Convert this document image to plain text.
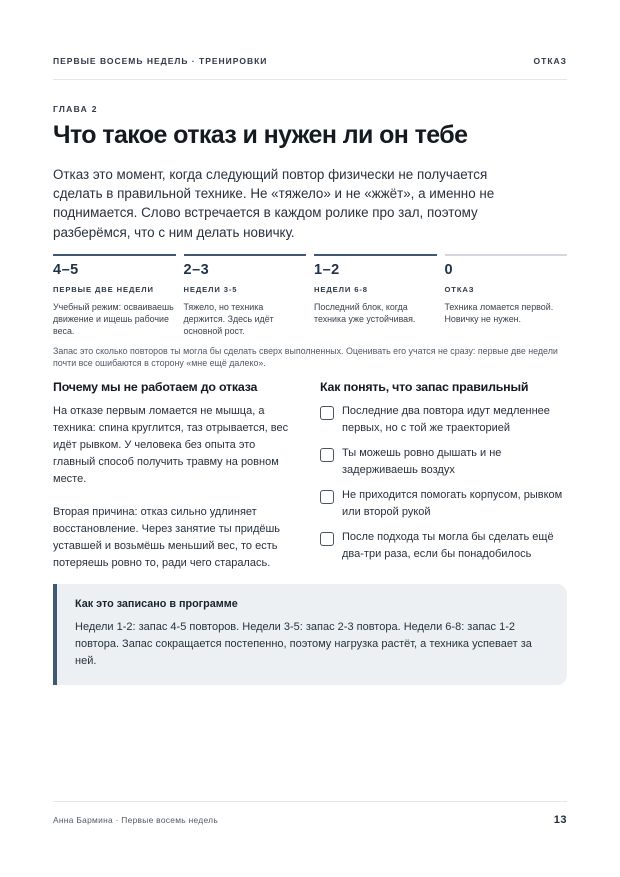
ПЕРВЫЕ ВОСЕМЬ НЕДЕЛЬ · ТРЕНИРОВКИ	ОТКАЗ
ГЛАВА 2
Что такое отказ и нужен ли он тебе

Отказ это момент, когда следующий повтор физически не получается сделать в правильной технике. Не «тяжело» и не «жжёт», а именно не поднимается. Слово встречается в каждом ролике про зал, поэтому разберёмся, что с ним делать новичку.

4–5
ПЕРВЫЕ ДВЕ НЕДЕЛИ
Учебный режим: осваиваешь движение и ищешь рабочие веса.
2–3
НЕДЕЛИ 3-5
Тяжело, но техника держится. Здесь идёт основной рост.
1–2
НЕДЕЛИ 6-8
Последний блок, когда техника уже устойчивая.
0
ОТКАЗ
Техника ломается первой. Новичку не нужен.

Запас это сколько повторов ты могла бы сделать сверх выполненных. Оценивать его учатся не сразу: первые две недели почти все ошибаются в сторону «мне ещё далеко».

Почему мы не работаем до отказа

На отказе первым ломается не мышца, а техника: спина круглится, таз отрывается, вес идёт рывком. У человека без опыта это главный способ получить травму на ровном месте.

Вторая причина: отказ сильно удлиняет восстановление. Через занятие ты придёшь уставшей и возьмёшь меньший вес, то есть потеряешь ровно то, ради чего старалась.

Как понять, что запас правильный
Последние два повтора идут медленнее первых, но с той же траекторией
Ты можешь ровно дышать и не задерживаешь воздух
Не приходится помогать корпусом, рывком или второй рукой
После подхода ты могла бы сделать ещё два-три раза, если бы понадобилось
Как это записано в программе

Недели 1-2: запас 4-5 повторов. Недели 3-5: запас 2-3 повтора. Недели 6-8: запас 1-2 повтора. Запас сокращается постепенно, поэтому нагрузка растёт, а техника успевает за ней.

Анна Бармина · Первые восемь недель	13
